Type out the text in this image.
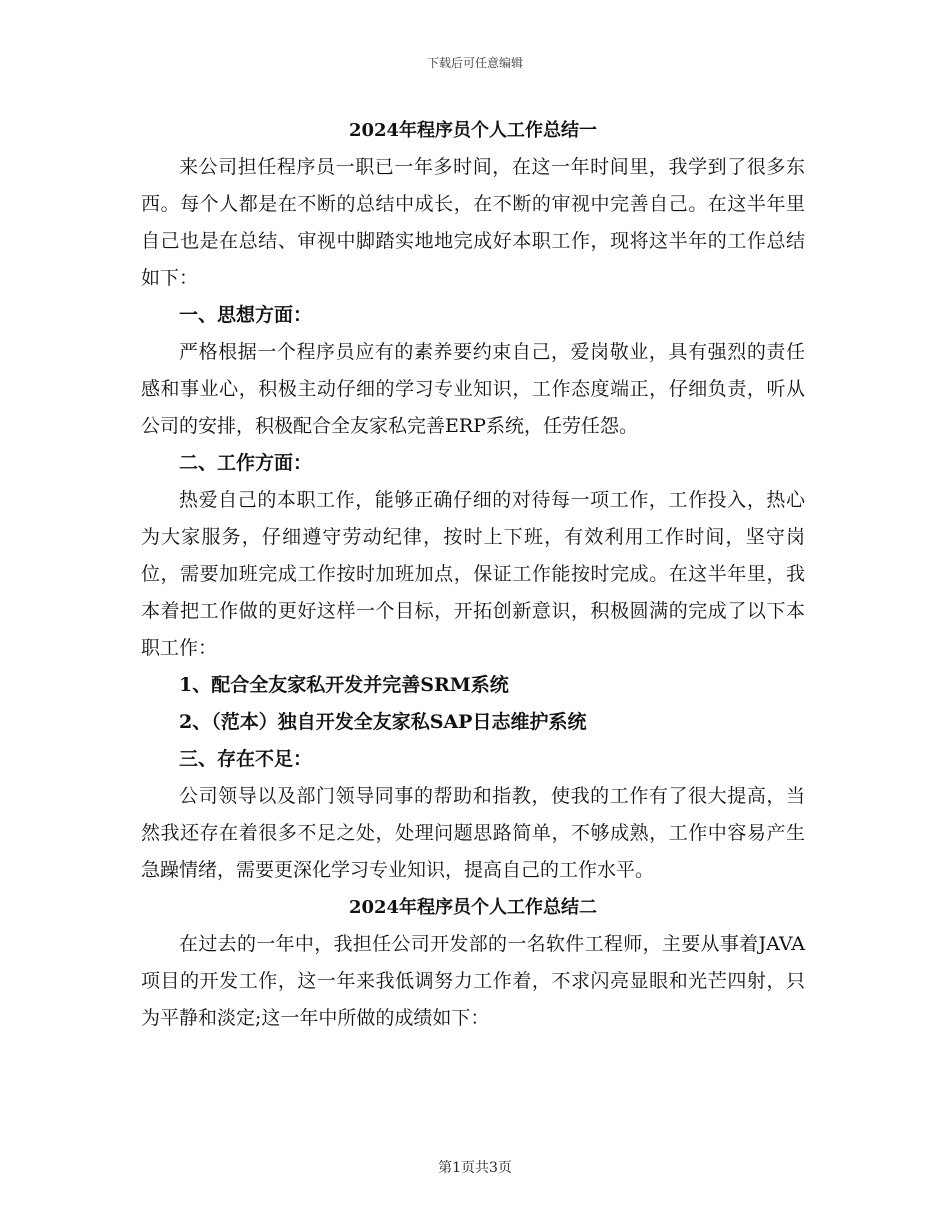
下载后可任意编辑

2024年程序员个人工作总结一

来公司担任程序员一职已一年多时间，在这一年时间里，我学到了很多东西。每个人都是在不断的总结中成长，在不断的审视中完善自己。在这半年里自己也是在总结、审视中脚踏实地地完成好本职工作，现将这半年的工作总结如下：

一、思想方面：

严格根据一个程序员应有的素养要约束自己，爱岗敬业，具有强烈的责任感和事业心，积极主动仔细的学习专业知识，工作态度端正，仔细负责，听从公司的安排，积极配合全友家私完善ERP系统，任劳任怨。

二、工作方面：

热爱自己的本职工作，能够正确仔细的对待每一项工作，工作投入，热心为大家服务，仔细遵守劳动纪律，按时上下班，有效利用工作时间，坚守岗位，需要加班完成工作按时加班加点，保证工作能按时完成。在这半年里，我本着把工作做的更好这样一个目标，开拓创新意识，积极圆满的完成了以下本职工作：

1、配合全友家私开发并完善SRM系统

2、（范本）独自开发全友家私SAP日志维护系统

三、存在不足：

公司领导以及部门领导同事的帮助和指教，使我的工作有了很大提高，当然我还存在着很多不足之处，处理问题思路简单，不够成熟，工作中容易产生急躁情绪，需要更深化学习专业知识，提高自己的工作水平。

2024年程序员个人工作总结二

在过去的一年中，我担任公司开发部的一名软件工程师，主要从事着JAVA项目的开发工作，这一年来我低调努力工作着，不求闪亮显眼和光芒四射，只为平静和淡定;这一年中所做的成绩如下：

第1页共3页
